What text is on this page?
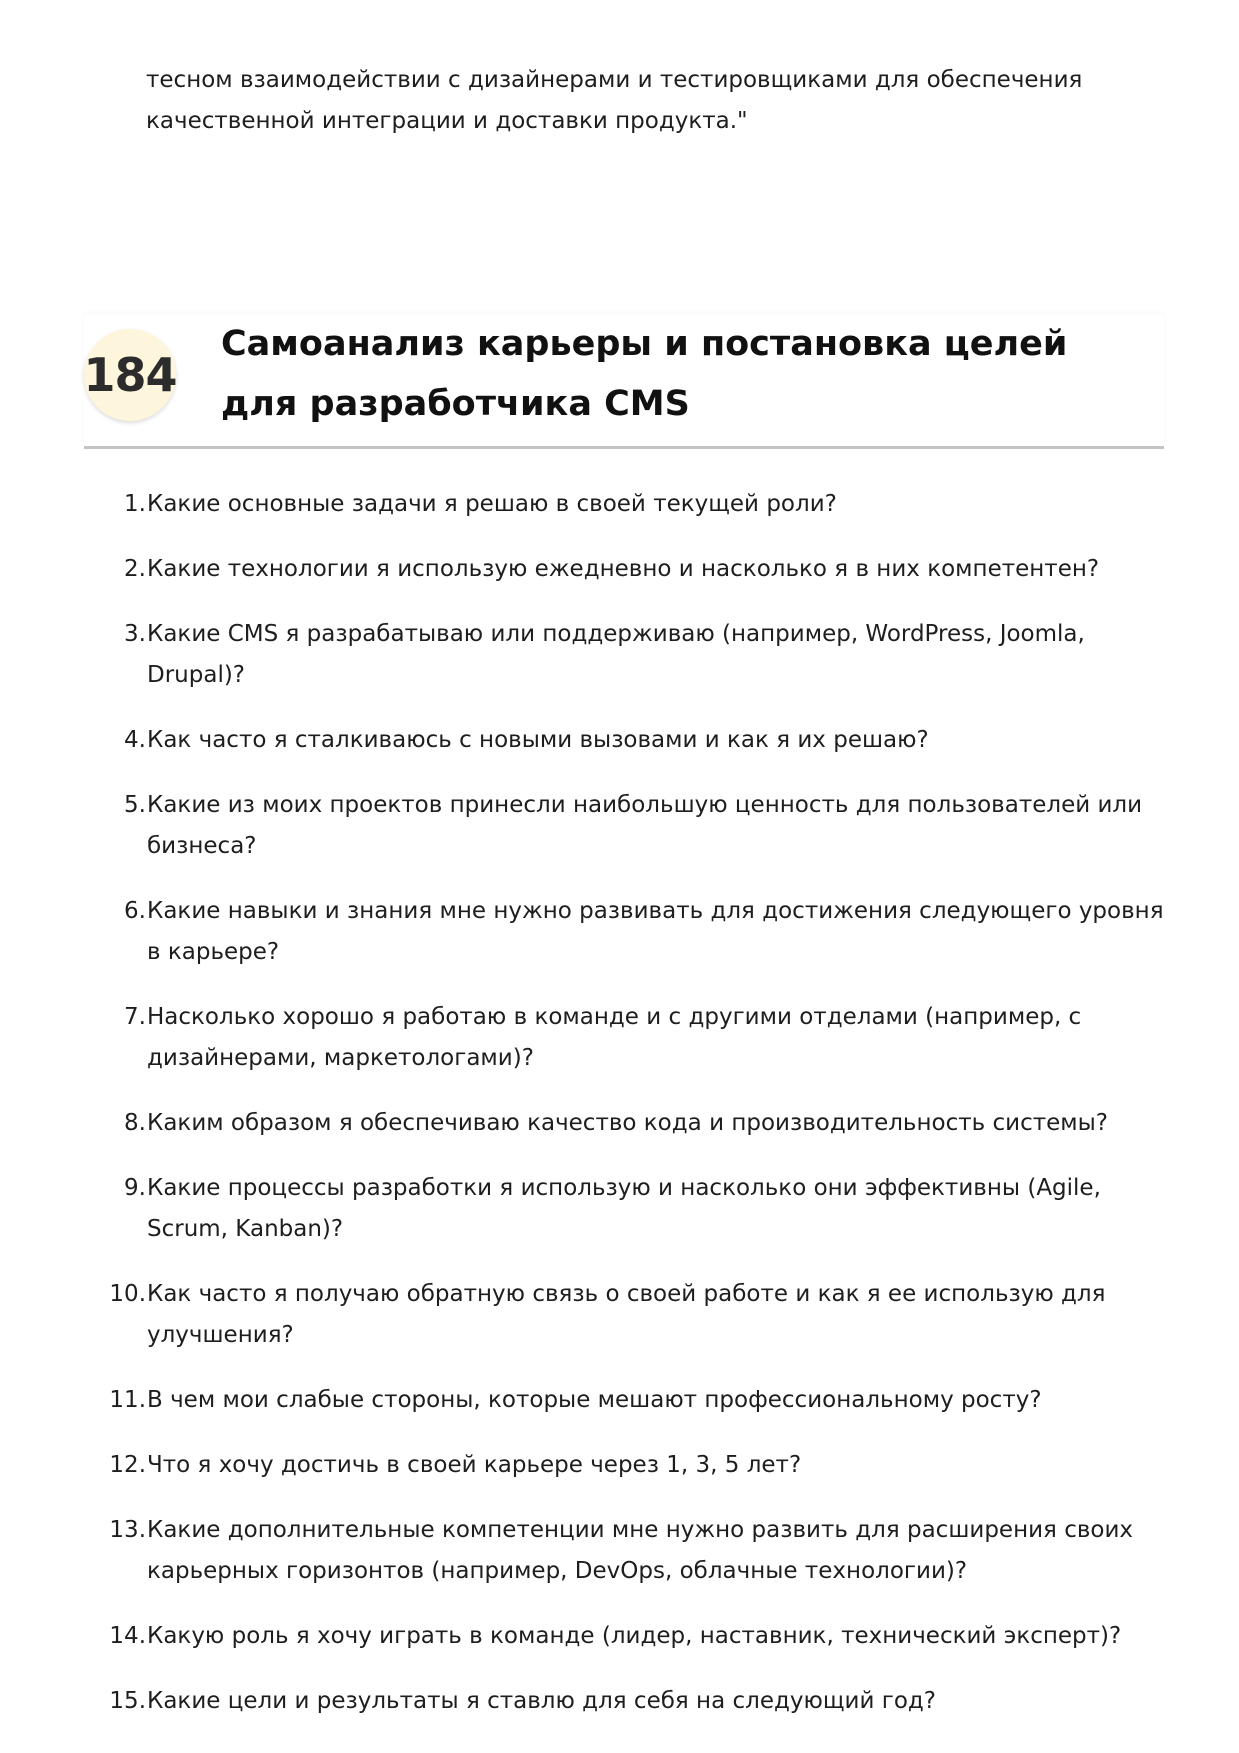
тесном взаимодействии с дизайнерами и тестировщиками для обеспечения качественной интеграции и доставки продукта."

184
Самоанализ карьеры и постановка целей для разработчика CMS
1. Какие основные задачи я решаю в своей текущей роли?
2. Какие технологии я использую ежедневно и насколько я в них компетентен?
3. Какие CMS я разрабатываю или поддерживаю (например, WordPress, Joomla, Drupal)?
4. Как часто я сталкиваюсь с новыми вызовами и как я их решаю?
5. Какие из моих проектов принесли наибольшую ценность для пользователей или бизнеса?
6. Какие навыки и знания мне нужно развивать для достижения следующего уровня в карьере?
7. Насколько хорошо я работаю в команде и с другими отделами (например, с дизайнерами, маркетологами)?
8. Каким образом я обеспечиваю качество кода и производительность системы?
9. Какие процессы разработки я использую и насколько они эффективны (Agile, Scrum, Kanban)?
10. Как часто я получаю обратную связь о своей работе и как я ее использую для улучшения?
11. В чем мои слабые стороны, которые мешают профессиональному росту?
12. Что я хочу достичь в своей карьере через 1, 3, 5 лет?
13. Какие дополнительные компетенции мне нужно развить для расширения своих карьерных горизонтов (например, DevOps, облачные технологии)?
14. Какую роль я хочу играть в команде (лидер, наставник, технический эксперт)?
15. Какие цели и результаты я ставлю для себя на следующий год?
